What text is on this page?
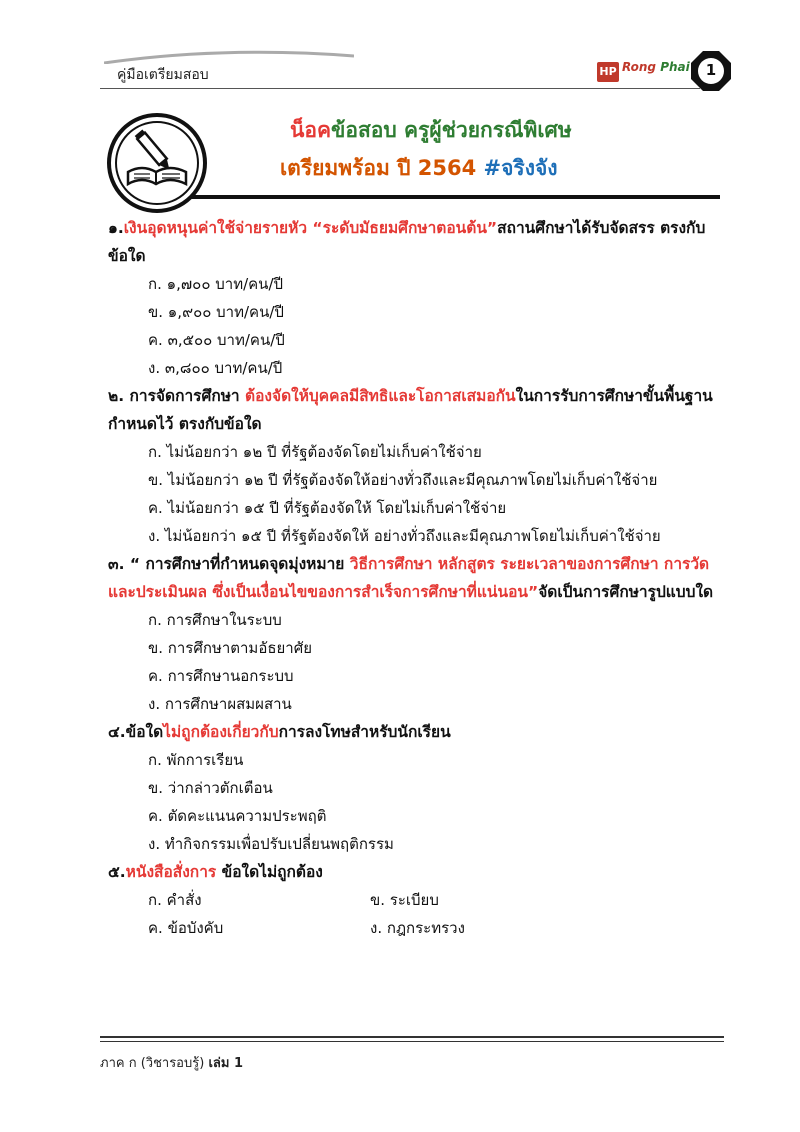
คู่มือเตรียมสอบ	HP Rong Phai	1
น็อคข้อสอบ ครูผู้ช่วยกรณีพิเศษ
เตรียมพร้อม ปี 2564 #จริงจัง
๑.เงินอุดหนุนค่าใช้จ่ายรายหัว “ระดับมัธยมศึกษาตอนต้น”สถานศึกษาได้รับจัดสรร ตรงกับข้อใด
ก. ๑,๗๐๐ บาท/คน/ปี
ข. ๑,๙๐๐ บาท/คน/ปี
ค. ๓,๕๐๐ บาท/คน/ปี
ง. ๓,๘๐๐ บาท/คน/ปี
๒. การจัดการศึกษา ต้องจัดให้บุคคลมีสิทธิและโอกาสเสมอกันในการรับการศึกษาขั้นพื้นฐาน กำหนดไว้ ตรงกับข้อใด
ก. ไม่น้อยกว่า ๑๒ ปี ที่รัฐต้องจัดโดยไม่เก็บค่าใช้จ่าย
ข. ไม่น้อยกว่า ๑๒ ปี ที่รัฐต้องจัดให้อย่างทั่วถึงและมีคุณภาพโดยไม่เก็บค่าใช้จ่าย
ค. ไม่น้อยกว่า ๑๕ ปี ที่รัฐต้องจัดให้ โดยไม่เก็บค่าใช้จ่าย
ง. ไม่น้อยกว่า ๑๕ ปี ที่รัฐต้องจัดให้ อย่างทั่วถึงและมีคุณภาพโดยไม่เก็บค่าใช้จ่าย
๓. “ การศึกษาที่กำหนดจุดมุ่งหมาย วิธีการศึกษา หลักสูตร ระยะเวลาของการศึกษา การวัดและประเมินผล ซึ่งเป็นเงื่อนไขของการสำเร็จการศึกษาที่แน่นอน”จัดเป็นการศึกษารูปแบบใด
ก. การศึกษาในระบบ
ข. การศึกษาตามอัธยาศัย
ค. การศึกษานอกระบบ
ง. การศึกษาผสมผสาน
๔.ข้อใดไม่ถูกต้องเกี่ยวกับการลงโทษสำหรับนักเรียน
ก. พักการเรียน
ข. ว่ากล่าวตักเตือน
ค. ตัดคะแนนความประพฤติ
ง. ทำกิจกรรมเพื่อปรับเปลี่ยนพฤติกรรม
๕.หนังสือสั่งการ ข้อใดไม่ถูกต้อง
ก. คำสั่ง	ข. ระเบียบ
ค. ข้อบังคับ	ง. กฎกระทรวง
ภาค ก (วิชารอบรู้) เล่ม 1
